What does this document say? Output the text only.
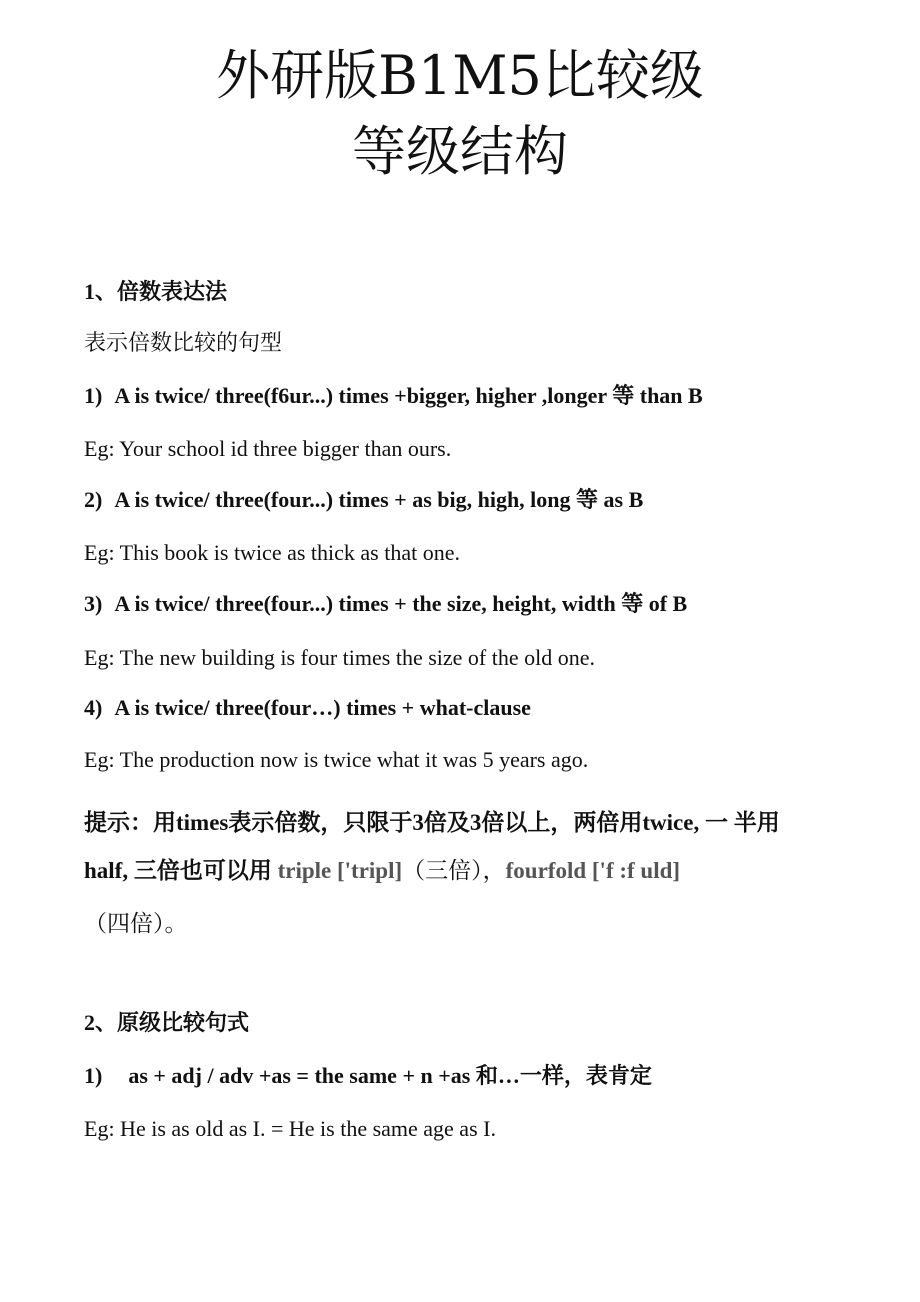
外研版B1M5比较级
等级结构
1、倍数表达法
表示倍数比较的句型
1) A is twice/ three(f6ur...) times +bigger, higher ,longer 等 than B
Eg: Your school id three bigger than ours.
2) A is twice/ three(four...) times + as big, high, long 等 as B
Eg: This book is twice as thick as that one.
3) A is twice/ three(four...) times + the size, height, width 等 of B
Eg: The new building is four times the size of the old one.
4) A is twice/ three(four…) times + what-clause
Eg: The production now is twice what it was 5 years ago.
提示：用times表示倍数，只限于3倍及3倍以上，两倍用twice, 一 半用
half, 三倍也可以用 triple ['tripl]（三倍），fourfold ['f :f uld]
（四倍）。
2、原级比较句式
1) as + adj / adv +as = the same + n +as 和…一样，表肯定
Eg: He is as old as I. = He is the same age as I.
